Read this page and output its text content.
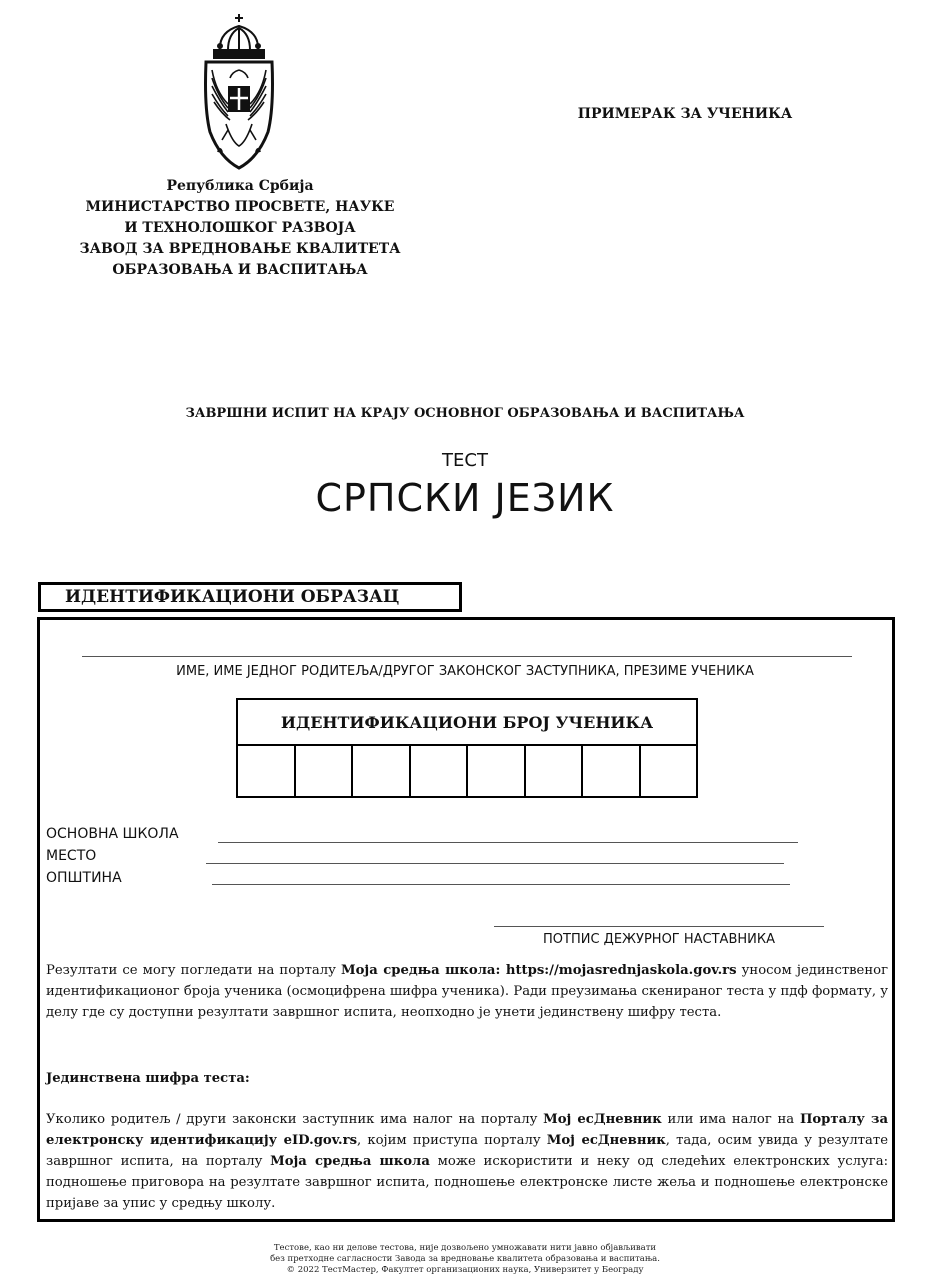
Република Србија
МИНИСТАРСТВО ПРОСВЕТЕ, НАУКЕ
И ТЕХНОЛОШКОГ РАЗВОЈА
ЗАВОД ЗА ВРЕДНОВАЊЕ КВАЛИТЕТА
ОБРАЗОВАЊА И ВАСПИТАЊА
ПРИМЕРАК ЗА УЧЕНИКА
ЗАВРШНИ ИСПИТ НА КРАЈУ ОСНОВНОГ ОБРАЗОВАЊА И ВАСПИТАЊА
ТЕСТ
СРПСКИ ЈЕЗИК
ИДЕНТИФИКАЦИОНИ ОБРАЗАЦ
ИМЕ, ИМЕ ЈЕДНОГ РОДИТЕЉА/ДРУГОГ ЗАКОНСКОГ ЗАСТУПНИКА, ПРЕЗИМЕ УЧЕНИКА
ИДЕНТИФИКАЦИОНИ БРОЈ УЧЕНИКА
ОСНОВНА ШКОЛА
МЕСТО
ОПШТИНА
ПОТПИС ДЕЖУРНОГ НАСТАВНИКА
Резултати се могу погледати на порталу Моја средња школа: https://mojasrednjaskola.gov.rs уносом јединственог идентификационог броја ученика (осмоцифрена шифра ученика). Ради преузимања скенираног теста у пдф формату, у делу где су доступни резултати завршног испита, неопходно је унети јединствену шифру теста.
Јединствена шифра теста:
Уколико родитељ / други законски заступник има налог на порталу Мој есДневник или има налог на Порталу за електронску идентификацију eID.gov.rs, којим приступа порталу Мој есДневник, тада, осим увида у резултате завршног испита, на порталу Моја средња школа може искористити и неку од следећих електронских услуга: подношење приговора на резултате завршног испита, подношење електронске листе жеља и подношење електронске пријаве за упис у средњу школу.
Тестове, као ни делове тестова, није дозвољено умножавати нити јавно објављивати
без претходне сагласности Завода за вредновање квалитета образовања и васпитања.
© 2022 ТестМастер, Факултет организационих наука, Универзитет у Београду
